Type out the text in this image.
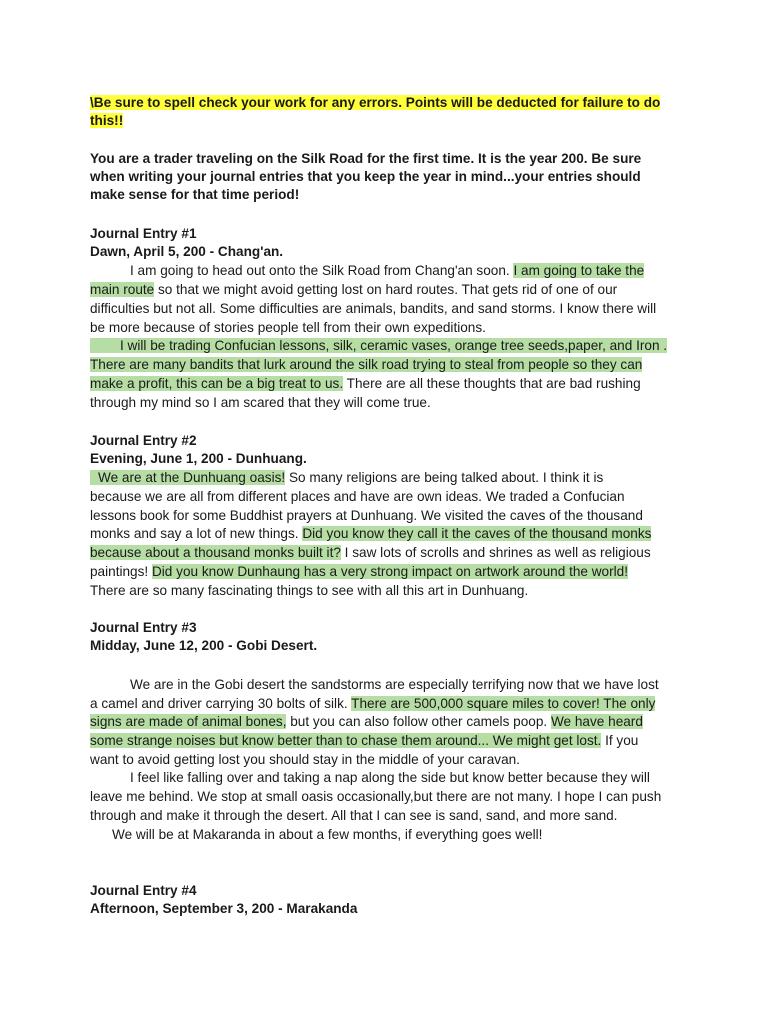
\Be sure to spell check your work for any errors. Points will be deducted for failure to do
this!!
You are a trader traveling on the Silk Road for the first time. It is the year 200. Be sure
when writing your journal entries that you keep the year in mind...your entries should
make sense for that time period!
Journal Entry #1
Dawn, April 5, 200 - Chang'an.
I am going to head out onto the Silk Road from Chang'an soon. I am going to take the
main route so that we might avoid getting lost on hard routes. That gets rid of one of our
difficulties but not all. Some difficulties are animals, bandits, and sand storms. I know there will
be more because of stories people tell from their own expeditions.
I will be trading Confucian lessons, silk, ceramic vases, orange tree seeds,paper, and Iron .
There are many bandits that lurk around the silk road trying to steal from people so they can
make a profit, this can be a big treat to us. There are all these thoughts that are bad rushing
through my mind so I am scared that they will come true.
Journal Entry #2
Evening, June 1, 200 - Dunhuang.
We are at the Dunhuang oasis! So many religions are being talked about. I think it is
because we are all from different places and have are own ideas. We traded a Confucian
lessons book for some Buddhist prayers at Dunhuang. We visited the caves of the thousand
monks and say a lot of new things. Did you know they call it the caves of the thousand monks
because about a thousand monks built it? I saw lots of scrolls and shrines as well as religious
paintings! Did you know Dunhaung has a very strong impact on artwork around the world!
There are so many fascinating things to see with all this art in Dunhuang.
Journal Entry #3
Midday, June 12, 200 - Gobi Desert.
We are in the Gobi desert the sandstorms are especially terrifying now that we have lost
a camel and driver carrying 30 bolts of silk. There are 500,000 square miles to cover! The only
signs are made of animal bones, but you can also follow other camels poop. We have heard
some strange noises but know better than to chase them around... We might get lost. If you
want to avoid getting lost you should stay in the middle of your caravan.
I feel like falling over and taking a nap along the side but know better because they will
leave me behind. We stop at small oasis occasionally,but there are not many. I hope I can push
through and make it through the desert. All that I can see is sand, sand, and more sand.
We will be at Makaranda in about a few months, if everything goes well!
Journal Entry #4
Afternoon, September 3, 200 - Marakanda
